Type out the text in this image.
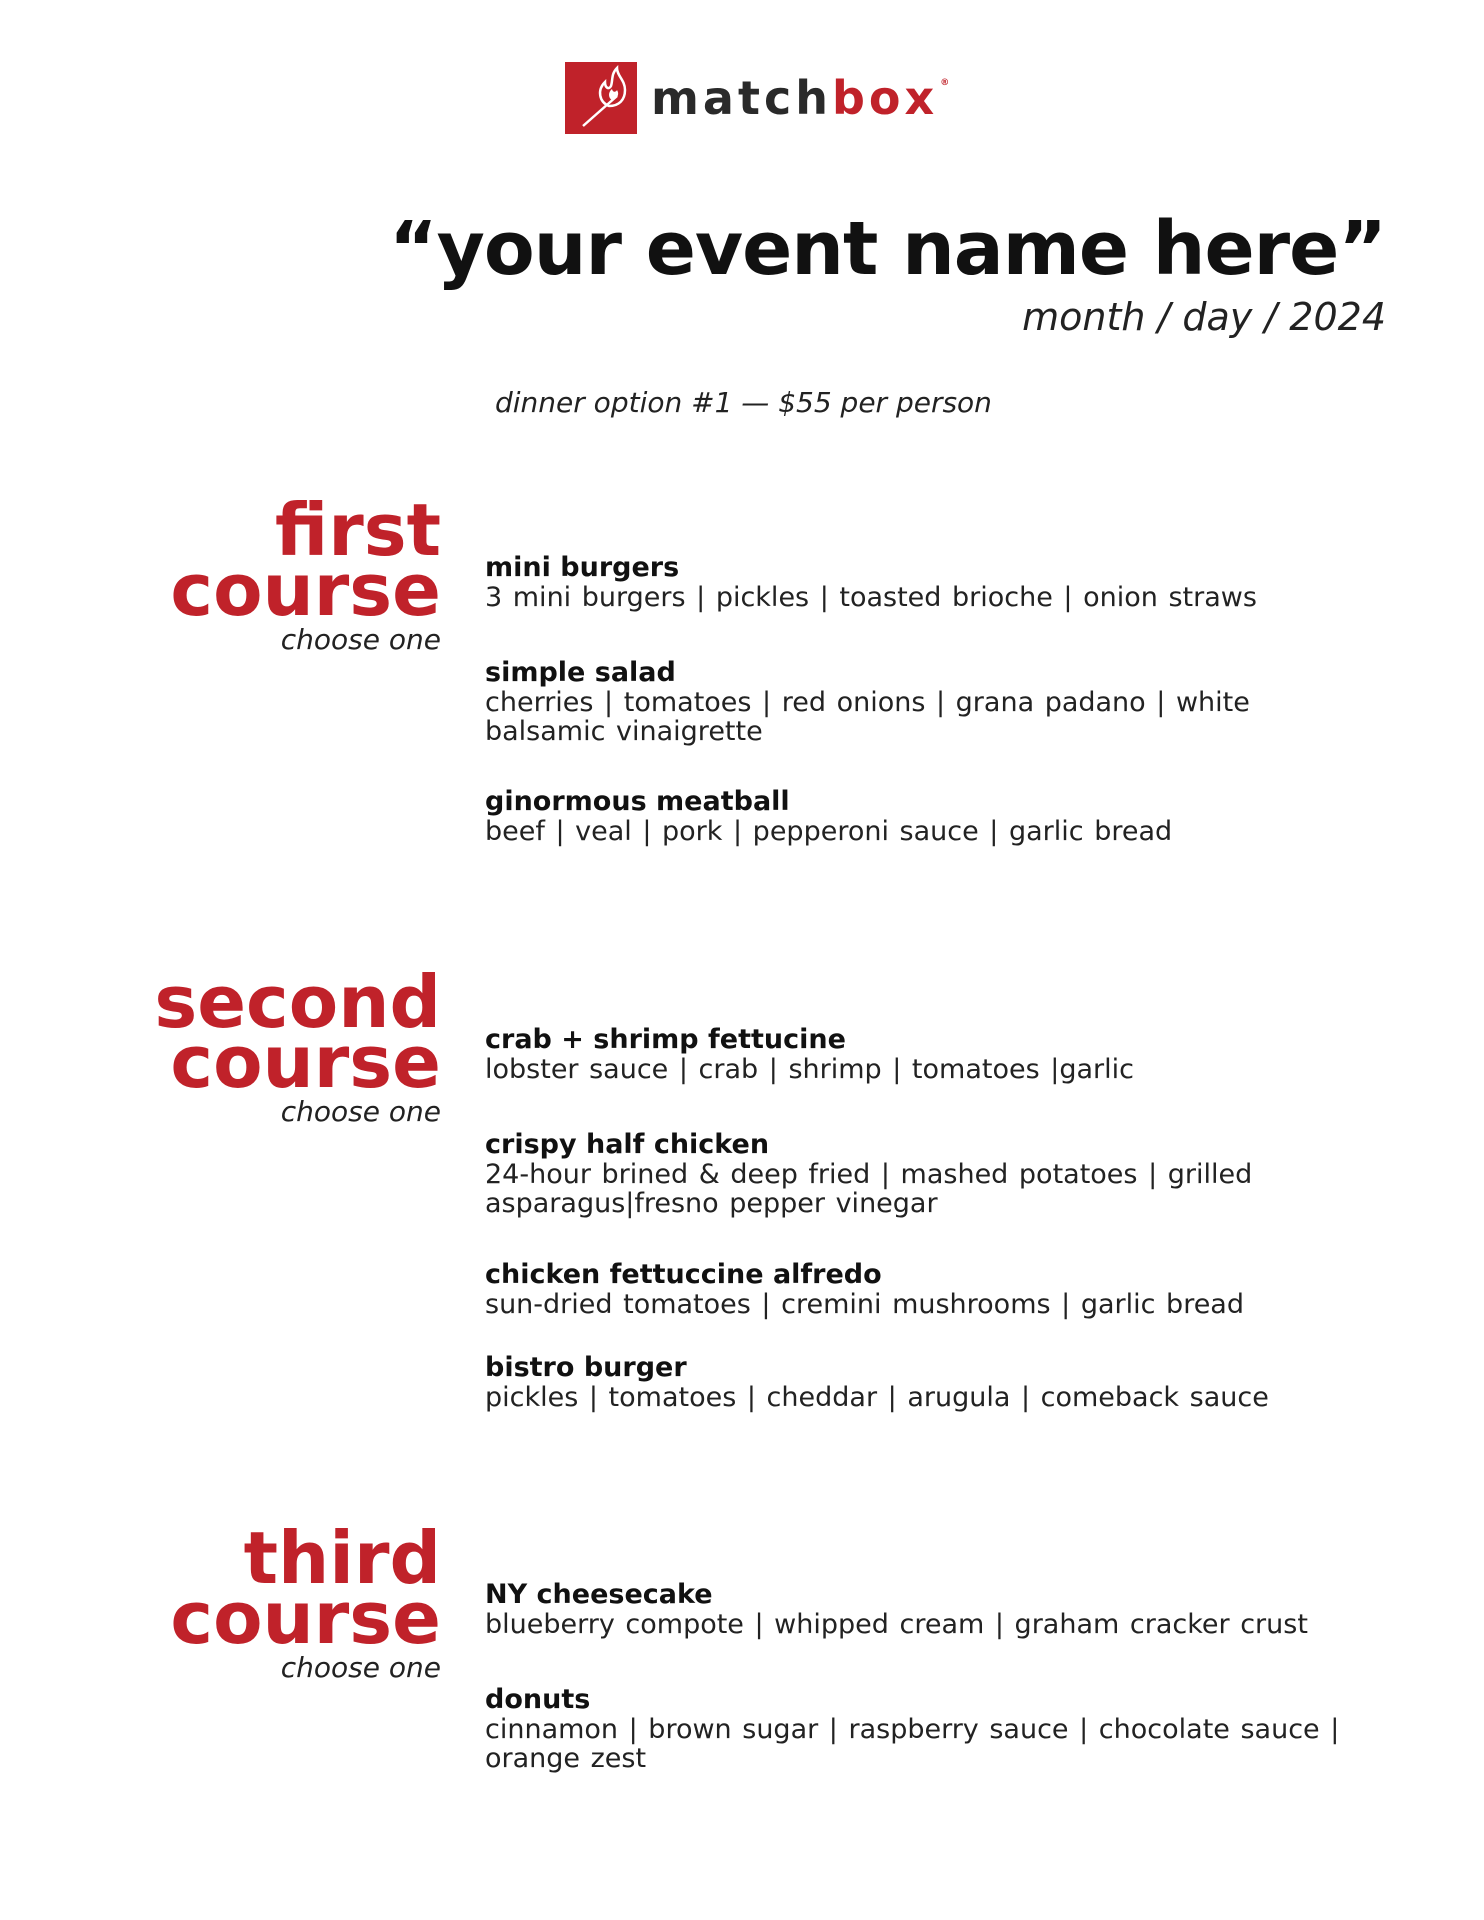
match box ®
“your event name here”
month / day / 2024
dinner option #1 — $55 per person
first
course
choose one
mini burgers
3 mini burgers | pickles | toasted brioche | onion straws
simple salad
cherries | tomatoes | red onions | grana padano | white balsamic vinaigrette
ginormous meatball
beef | veal | pork | pepperoni sauce | garlic bread
second
course
choose one
crab + shrimp fettucine
lobster sauce | crab | shrimp | tomatoes |garlic
crispy half chicken
24-hour brined & deep fried | mashed potatoes | grilled asparagus|fresno pepper vinegar
chicken fettuccine alfredo
sun-dried tomatoes | cremini mushrooms | garlic bread
bistro burger
pickles | tomatoes | cheddar | arugula | comeback sauce
third
course
choose one
NY cheesecake
blueberry compote | whipped cream | graham cracker crust
donuts
cinnamon | brown sugar | raspberry sauce | chocolate sauce | orange zest
